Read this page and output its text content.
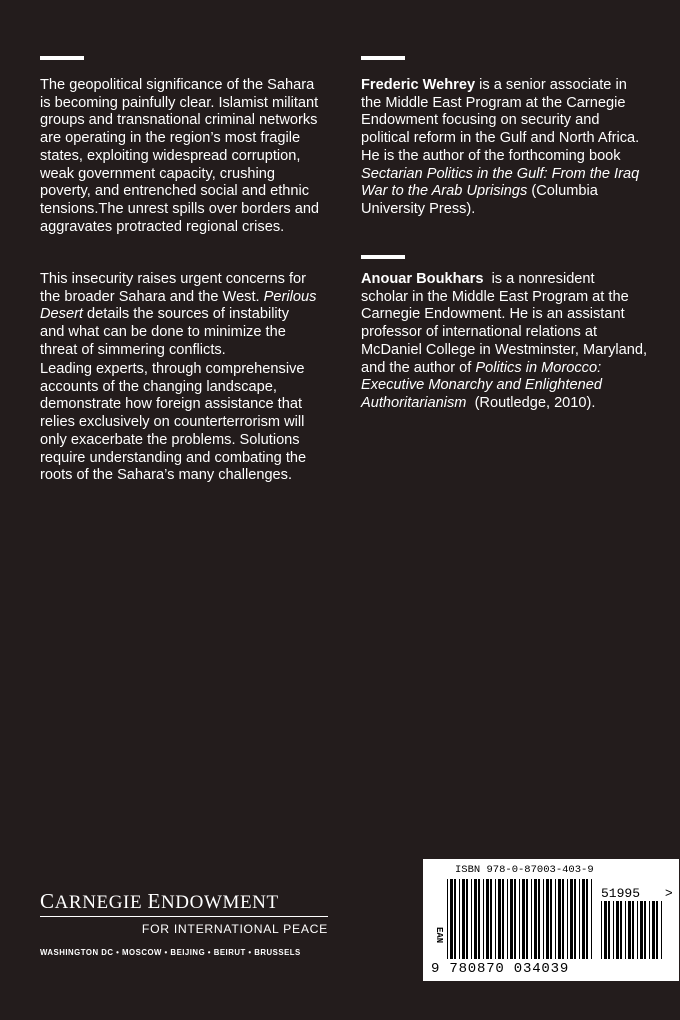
The geopolitical significance of the Sahara
is becoming painfully clear. Islamist militant
groups and transnational criminal networks
are operating in the region’s most fragile
states, exploiting widespread corruption,
weak government capacity, crushing
poverty, and entrenched social and ethnic
tensions.The unrest spills over borders and
aggravates protracted regional crises.

This insecurity raises urgent concerns for
the broader Sahara and the West. Perilous
Desert details the sources of instability
and what can be done to minimize the
threat of simmering conflicts.

Leading experts, through comprehensive
accounts of the changing landscape,
demonstrate how foreign assistance that
relies exclusively on counterterrorism will
only exacerbate the problems. Solutions
require understanding and combating the
roots of the Sahara’s many challenges.

Frederic Wehrey is a senior associate in
the Middle East Program at the Carnegie
Endowment focusing on security and
political reform in the Gulf and North Africa.
He is the author of the forthcoming book
Sectarian Politics in the Gulf: From the Iraq
War to the Arab Uprisings (Columbia
University Press).

Anouar Boukhars is a nonresident
scholar in the Middle East Program at the
Carnegie Endowment. He is an assistant
professor of international relations at
McDaniel College in Westminster, Maryland,
and the author of Politics in Morocco:
Executive Monarchy and Enlightened
Authoritarianism (Routledge, 2010).

CARNEGIE ENDOWMENT
FOR INTERNATIONAL PEACE
WASHINGTON DC • MOSCOW • BEIJING • BEIRUT • BRUSSELS
ISBN 978-0-87003-403-9
EAN
9 780870 034039
51995 >
